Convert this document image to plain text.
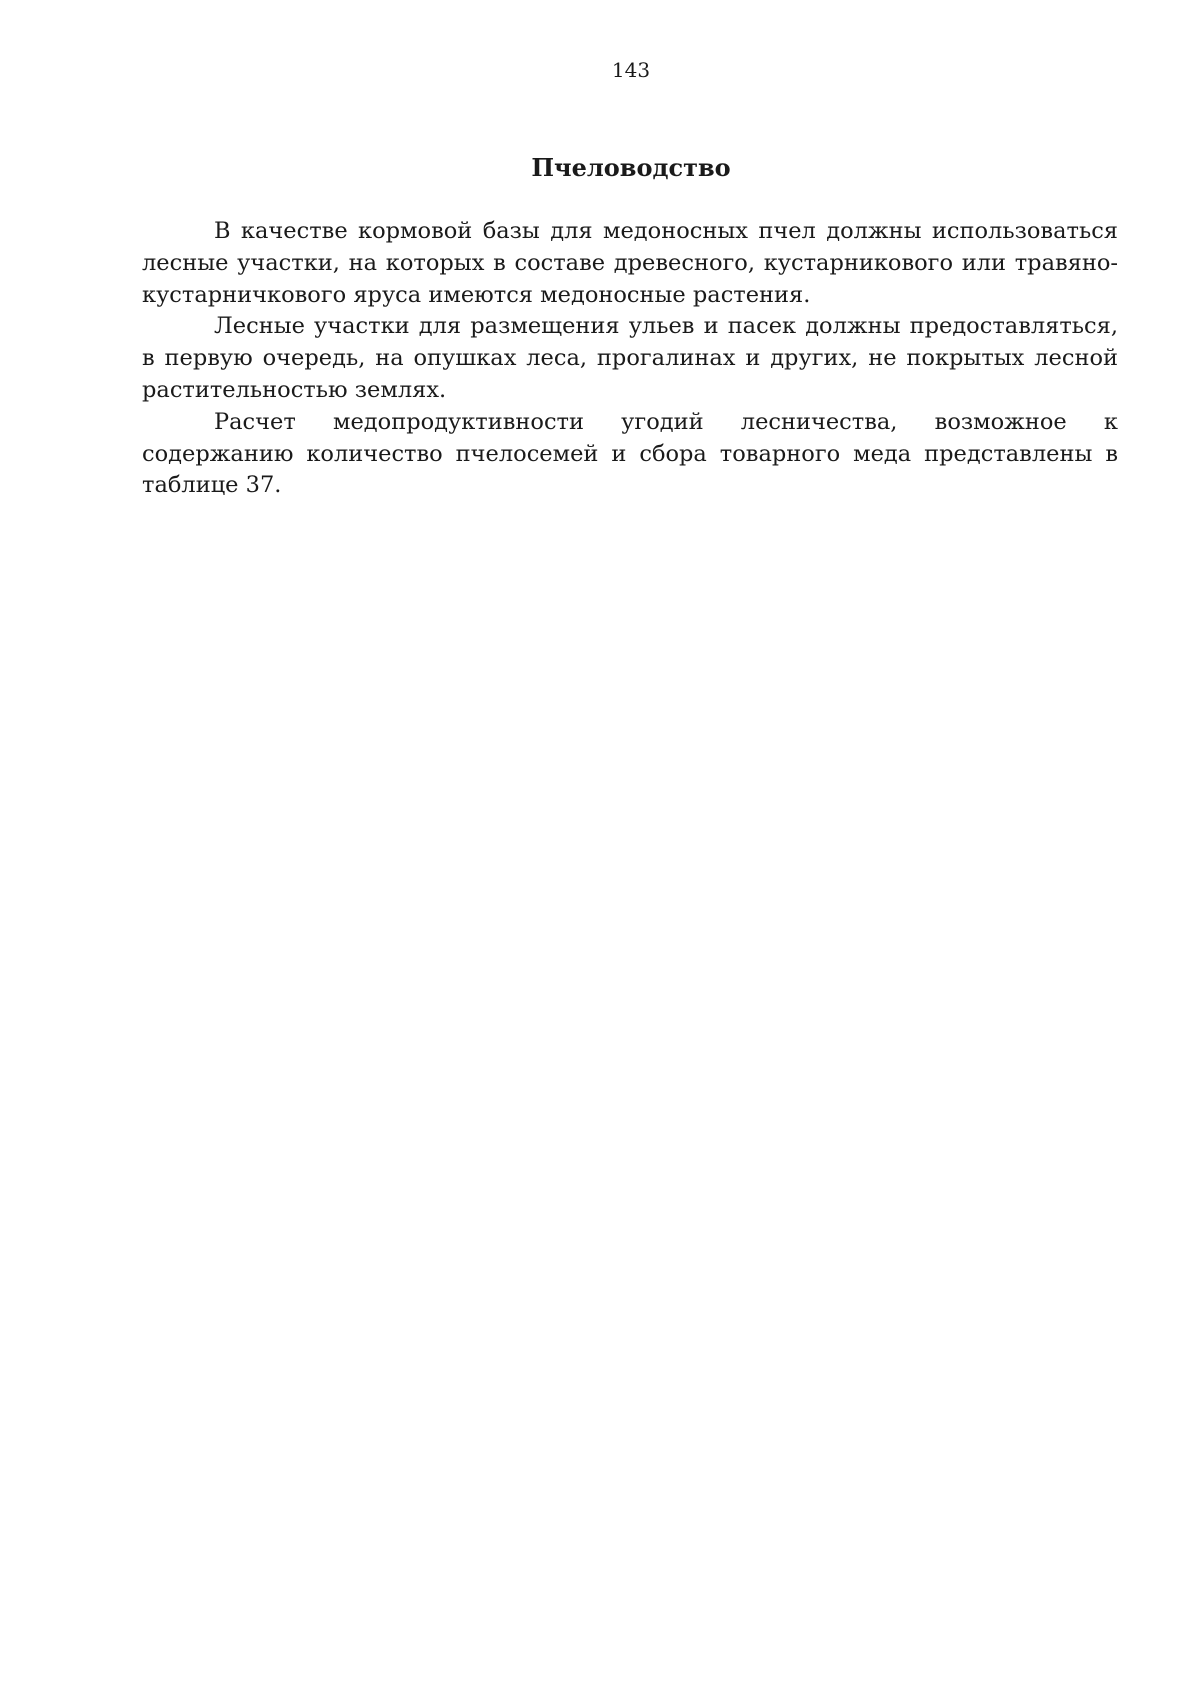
143
Пчеловодство

В качестве кормовой базы для медоносных пчел должны использоваться лесные участки, на которых в составе древесного, кустарникового или травяно-кустарничкового яруса имеются медоносные растения.

Лесные участки для размещения ульев и пасек должны предоставляться, в первую очередь, на опушках леса, прогалинах и других, не покрытых лесной растительностью землях.

Расчет медопродуктивности угодий лесничества, возможное к содержанию количество пчелосемей и сбора товарного меда представлены в таблице 37.
